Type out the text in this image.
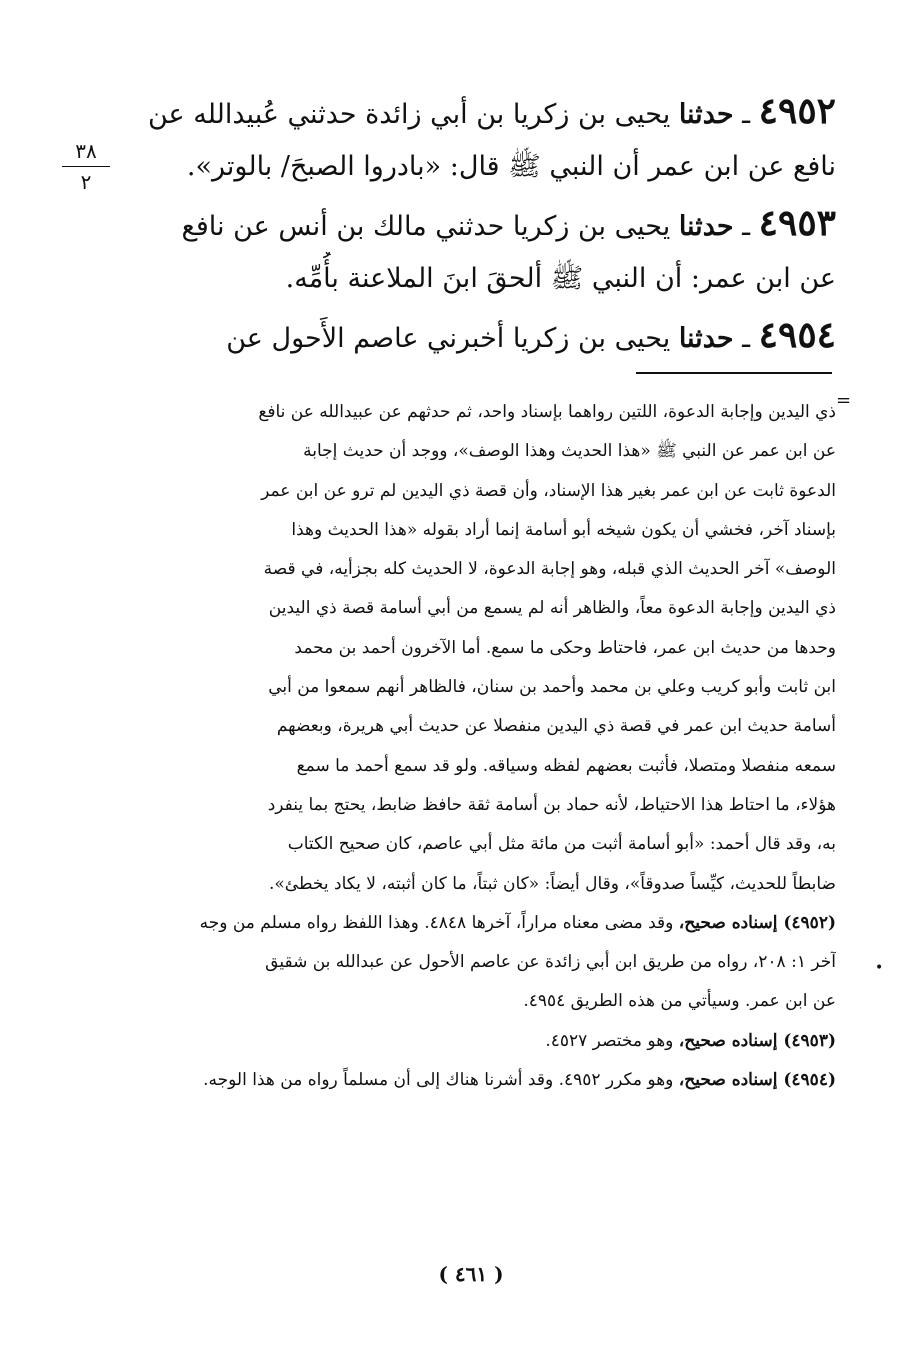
٣٨
٢
٤٩٥٢ ـ حدثنا يحيى بن زكريا بن أبي زائدة حدثني عُبيدالله عن
نافع عن ابن عمر أن النبي ﷺ قال: «بادروا الصبحَ/ بالوتر».
٤٩٥٣ ـ حدثنا يحيى بن زكريا حدثني مالك بن أنس عن نافع
عن ابن عمر: أن النبي ﷺ ألحقَ ابنَ الملاعنة بأُمِّه.
٤٩٥٤ ـ حدثنا يحيى بن زكريا أخبرني عاصم الأَحول عن
=
•
ذي اليدين وإجابة الدعوة، اللتين رواهما بإسناد واحد، ثم حدثهم عن عبيدالله عن نافع
عن ابن عمر عن النبي ﷺ «هذا الحديث وهذا الوصف»، ووجد أن حديث إجابة
الدعوة ثابت عن ابن عمر بغير هذا الإسناد، وأن قصة ذي اليدين لم ترو عن ابن عمر
بإسناد آخر، فخشي أن يكون شيخه أبو أسامة إنما أراد بقوله «هذا الحديث وهذا
الوصف» آخر الحديث الذي قبله، وهو إجابة الدعوة، لا الحديث كله بجزأيه، في قصة
ذي اليدين وإجابة الدعوة معاً، والظاهر أنه لم يسمع من أبي أسامة قصة ذي اليدين
وحدها من حديث ابن عمر، فاحتاط وحكى ما سمع. أما الآخرون أحمد بن محمد
ابن ثابت وأبو كريب وعلي بن محمد وأحمد بن سنان، فالظاهر أنهم سمعوا من أبي
أسامة حديث ابن عمر في قصة ذي اليدين منفصلا عن حديث أبي هريرة، وبعضهم
سمعه منفصلا ومتصلا، فأثبت بعضهم لفظه وسياقه. ولو قد سمع أحمد ما سمع
هؤلاء، ما احتاط هذا الاحتياط، لأنه حماد بن أسامة ثقة حافظ ضابط، يحتج بما ينفرد
به، وقد قال أحمد: «أبو أسامة أثبت من مائة مثل أبي عاصم، كان صحيح الكتاب
ضابطاً للحديث، كيِّساً صدوقاً»، وقال أيضاً: «كان ثبتاً، ما كان أثبته، لا يكاد يخطئ».
(٤٩٥٢) إسناده صحيح، وقد مضى معناه مراراً، آخرها ٤٨٤٨. وهذا اللفظ رواه مسلم من وجه
آخر ١: ٢٠٨، رواه من طريق ابن أبي زائدة عن عاصم الأحول عن عبدالله بن شقيق
عن ابن عمر. وسيأتي من هذه الطريق ٤٩٥٤.
(٤٩٥٣) إسناده صحيح، وهو مختصر ٤٥٢٧.
(٤٩٥٤) إسناده صحيح، وهو مكرر ٤٩٥٢. وقد أشرنا هناك إلى أن مسلماً رواه من هذا الوجه.
( ٤٦١ )
